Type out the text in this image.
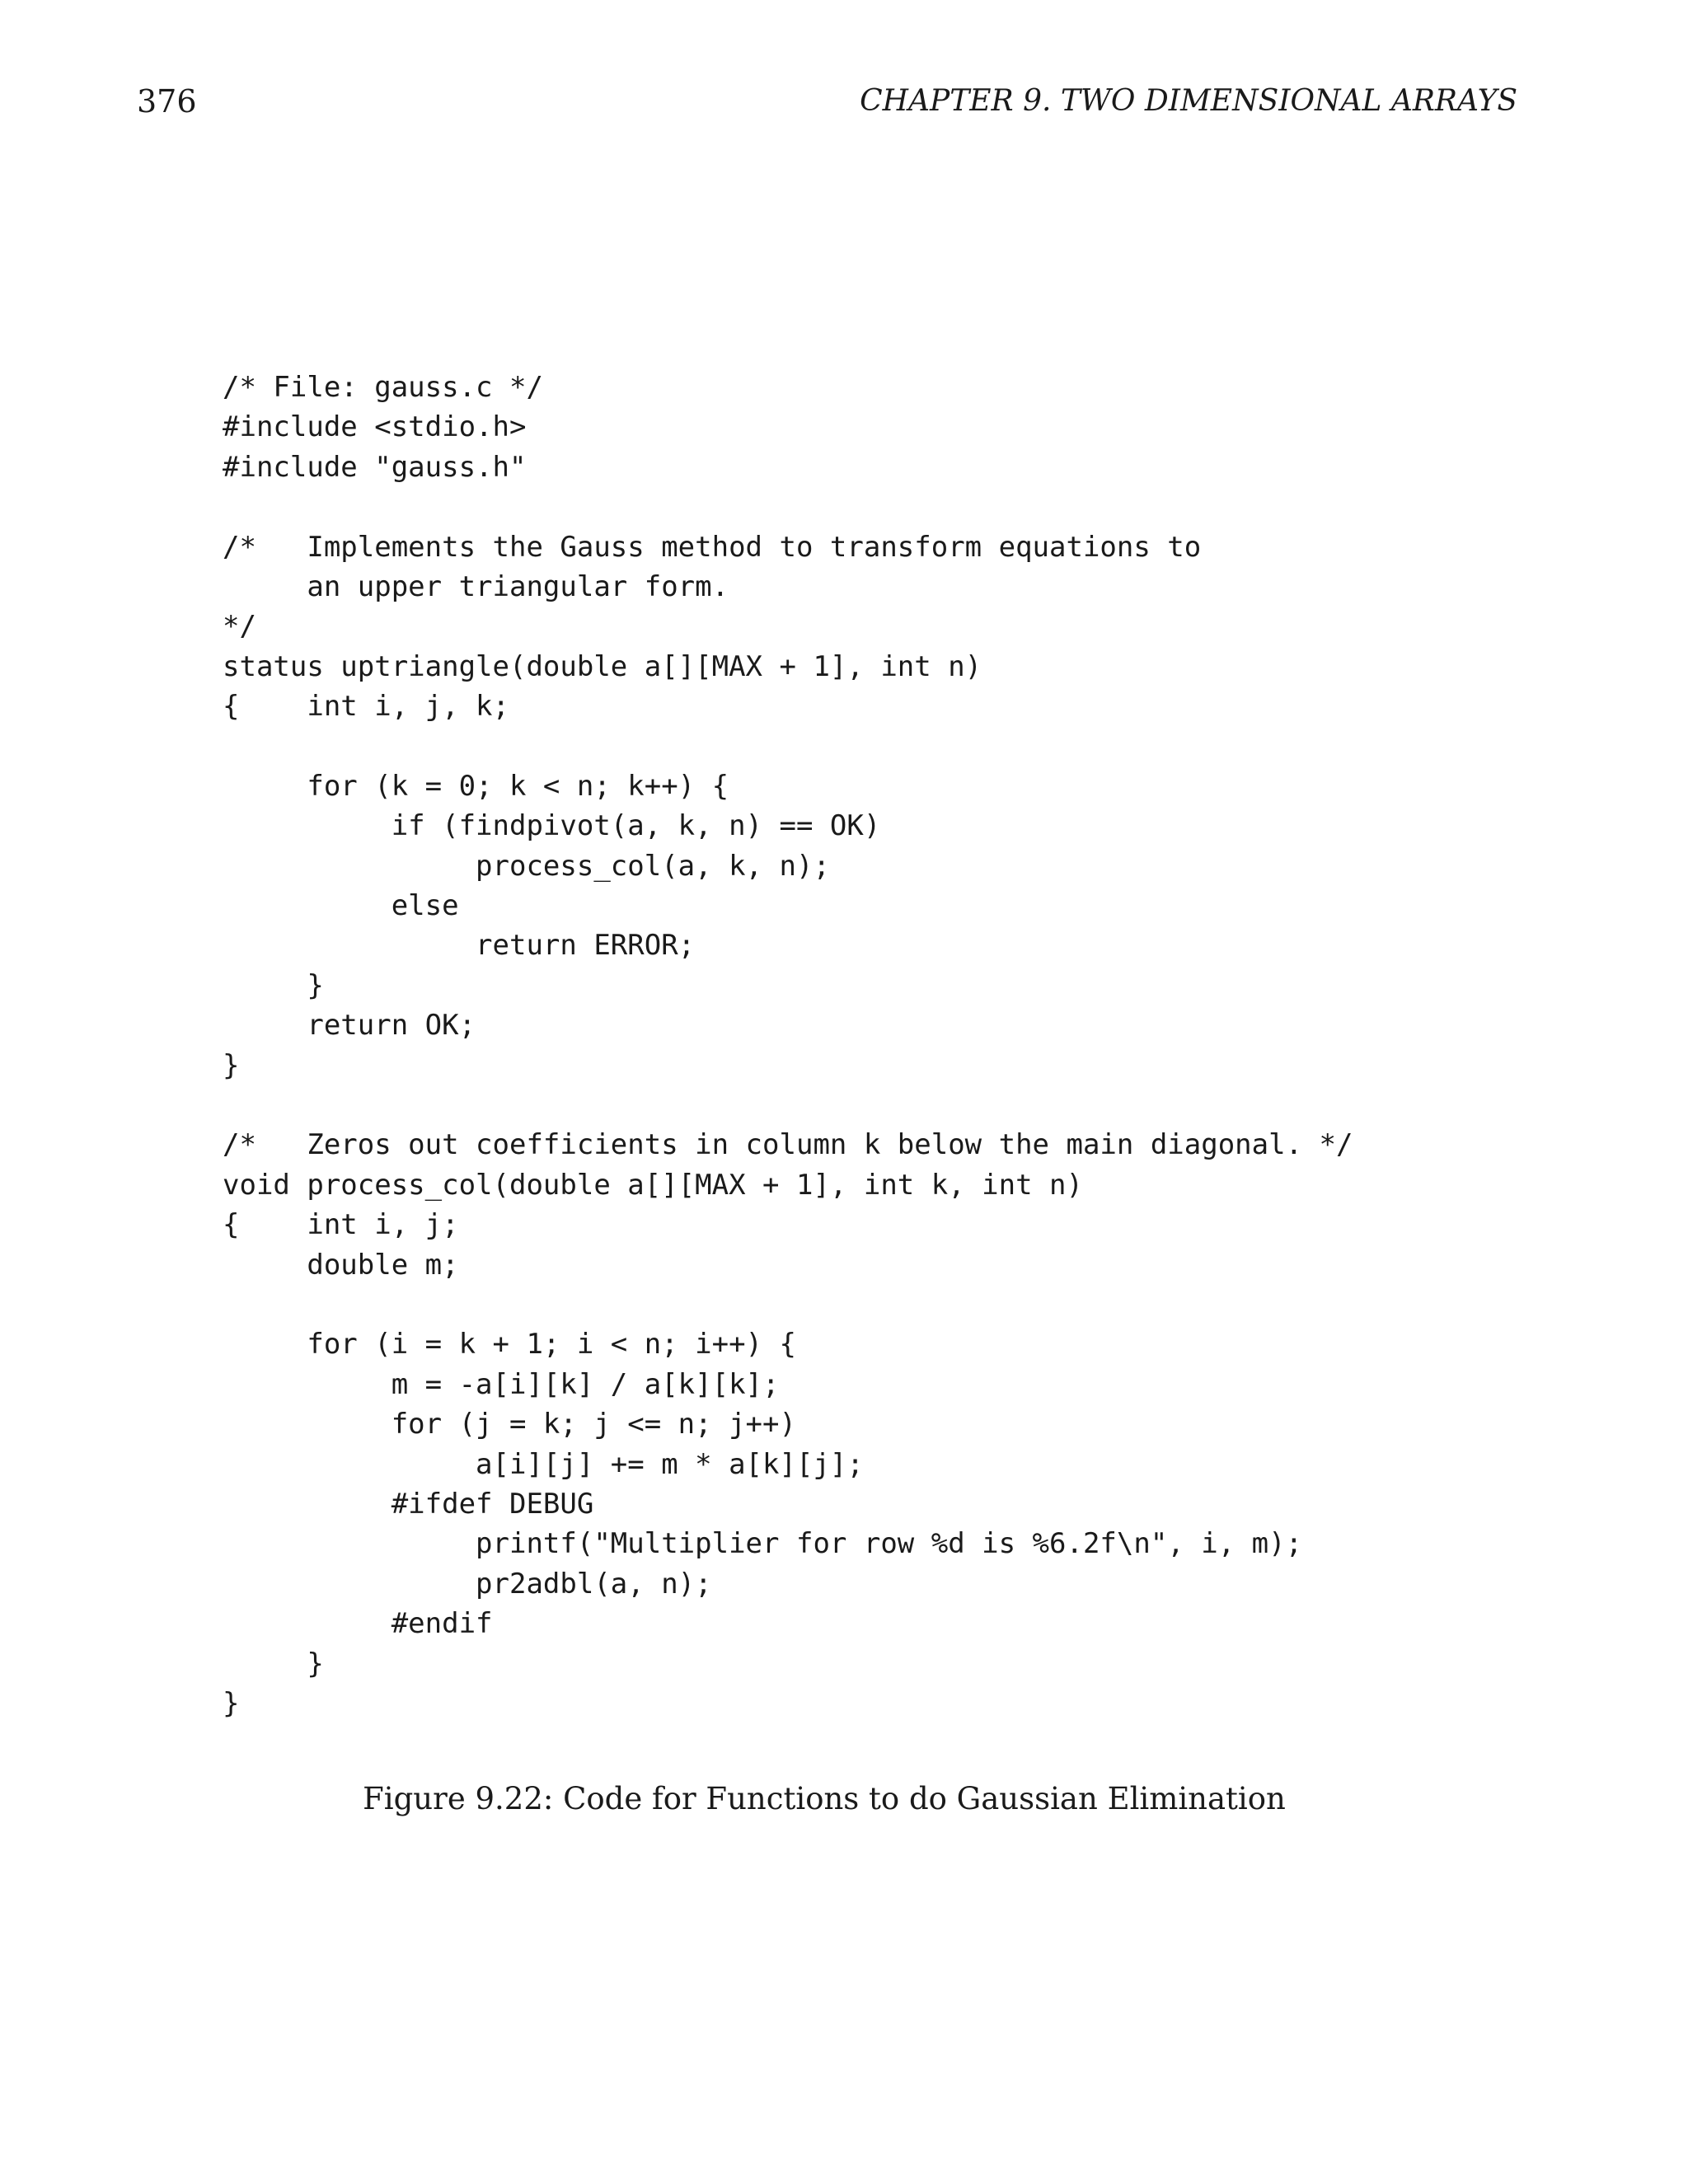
376	CHAPTER 9. TWO DIMENSIONAL ARRAYS
/* File: gauss.c */
#include <stdio.h>
#include "gauss.h"
/*   Implements the Gauss method to transform equations to
an upper triangular form.
*/
status uptriangle(double a[][MAX + 1], int n)
{    int i, j, k;
for (k = 0; k < n; k++) {
if (findpivot(a, k, n) == OK)
process_col(a, k, n);
else
return ERROR;
}
return OK;
}
/*   Zeros out coefficients in column k below the main diagonal. */
void process_col(double a[][MAX + 1], int k, int n)
{    int i, j;
double m;
for (i = k + 1; i < n; i++) {
m = -a[i][k] / a[k][k];
for (j = k; j <= n; j++)
a[i][j] += m * a[k][j];
#ifdef DEBUG
printf("Multiplier for row %d is %6.2f\n", i, m);
pr2adbl(a, n);
#endif
}
}
Figure 9.22: Code for Functions to do Gaussian Elimination
